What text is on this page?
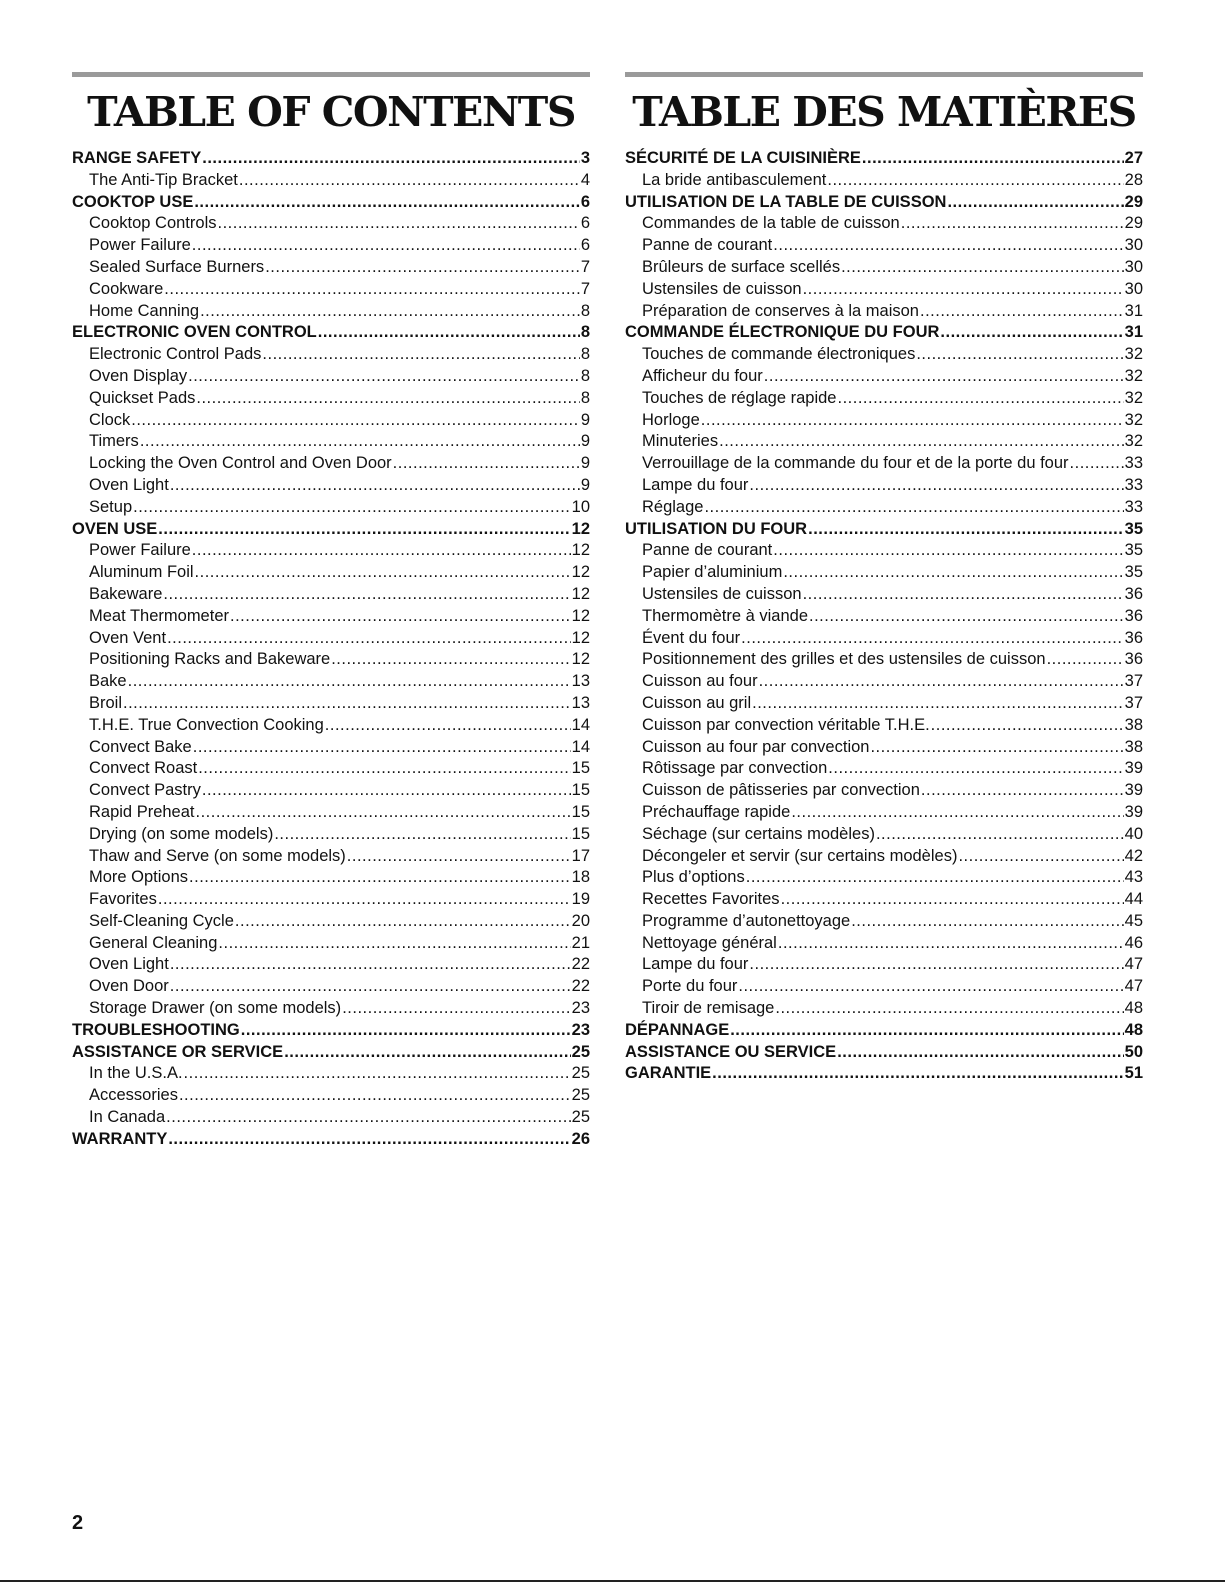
TABLE OF CONTENTS
RANGE SAFETY .....	3
The Anti-Tip Bracket .....	4
COOKTOP USE .....	6
Cooktop Controls .....	6
Power Failure .....	6
Sealed Surface Burners .....	7
Cookware .....	7
Home Canning .....	8
ELECTRONIC OVEN CONTROL .....	8
Electronic Control Pads .....	8
Oven Display .....	8
Quickset Pads .....	8
Clock .....	9
Timers .....	9
Locking the Oven Control and Oven Door .....	9
Oven Light .....	9
Setup .....	10
OVEN USE .....	12
Power Failure .....	12
Aluminum Foil .....	12
Bakeware .....	12
Meat Thermometer .....	12
Oven Vent .....	12
Positioning Racks and Bakeware .....	12
Bake .....	13
Broil .....	13
T.H.E. True Convection Cooking .....	14
Convect Bake .....	14
Convect Roast .....	15
Convect Pastry .....	15
Rapid Preheat .....	15
Drying (on some models) .....	15
Thaw and Serve (on some models) .....	17
More Options .....	18
Favorites .....	19
Self-Cleaning Cycle .....	20
General Cleaning .....	21
Oven Light .....	22
Oven Door .....	22
Storage Drawer (on some models) .....	23
TROUBLESHOOTING .....	23
ASSISTANCE OR SERVICE .....	25
In the U.S.A. .....	25
Accessories .....	25
In Canada .....	25
WARRANTY .....	26
TABLE DES MATIÈRES
SÉCURITÉ DE LA CUISINIÈRE .....	27
La bride antibasculement .....	28
UTILISATION DE LA TABLE DE CUISSON .....	29
Commandes de la table de cuisson .....	29
Panne de courant .....	30
Brûleurs de surface scellés .....	30
Ustensiles de cuisson .....	30
Préparation de conserves à la maison .....	31
COMMANDE ÉLECTRONIQUE DU FOUR .....	31
Touches de commande électroniques .....	32
Afficheur du four .....	32
Touches de réglage rapide .....	32
Horloge .....	32
Minuteries .....	32
Verrouillage de la commande du four et de la porte du four .....	33
Lampe du four .....	33
Réglage .....	33
UTILISATION DU FOUR .....	35
Panne de courant .....	35
Papier d’aluminium .....	35
Ustensiles de cuisson .....	36
Thermomètre à viande .....	36
Évent du four .....	36
Positionnement des grilles et des ustensiles de cuisson .....	36
Cuisson au four .....	37
Cuisson au gril .....	37
Cuisson par convection véritable T.H.E. .....	38
Cuisson au four par convection .....	38
Rôtissage par convection .....	39
Cuisson de pâtisseries par convection .....	39
Préchauffage rapide .....	39
Séchage (sur certains modèles) .....	40
Décongeler et servir (sur certains modèles) .....	42
Plus d’options .....	43
Recettes Favorites .....	44
Programme d’autonettoyage .....	45
Nettoyage général .....	46
Lampe du four .....	47
Porte du four .....	47
Tiroir de remisage .....	48
DÉPANNAGE .....	48
ASSISTANCE OU SERVICE .....	50
GARANTIE .....	51
2
